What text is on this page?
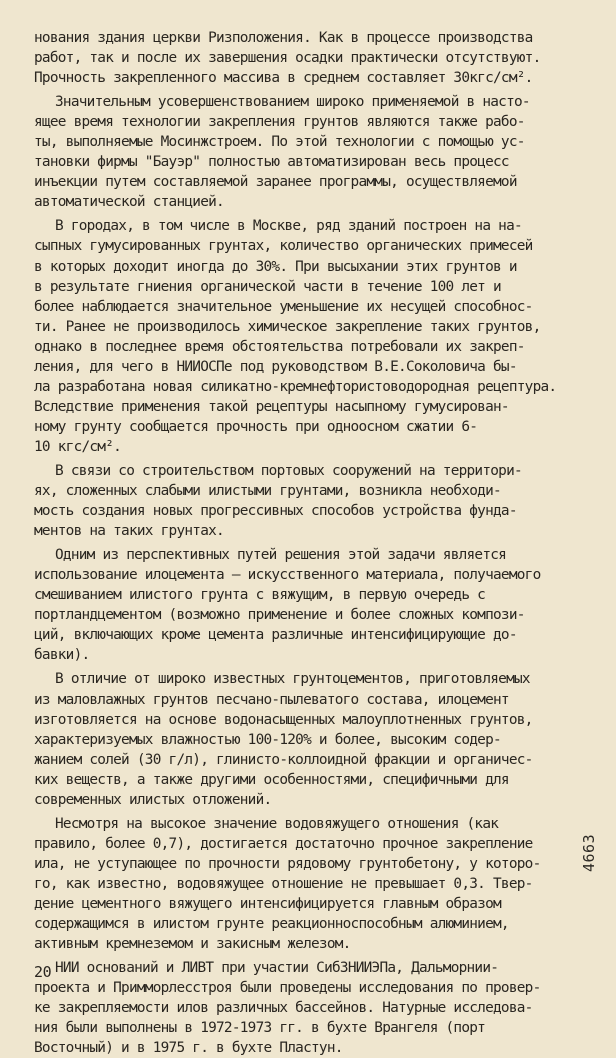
нования здания церкви Ризположения. Как в процессе производства
работ, так и после их завершения осадки практически отсутствуют.
Прочность закрепленного массива в среднем составляет 30кгс/см².
Значительным усовершенствованием широко применяемой в насто-
ящее время технологии закрепления грунтов являются также рабо-
ты, выполняемые Мосинжстроем. По этой технологии с помощью ус-
тановки фирмы "Бауэр" полностью автоматизирован весь процесс
инъекции путем составляемой заранее программы, осуществляемой
автоматической станцией.
В городах, в том числе в Москве, ряд зданий построен на на-
сыпных гумусированных грунтах, количество органических примесей
в которых доходит иногда до 30%. При высыхании этих грунтов и
в результате гниения органической части в течение 100 лет и
более наблюдается значительное уменьшение их несущей способнос-
ти. Ранее не производилось химическое закрепление таких грунтов,
однако в последнее время обстоятельства потребовали их закреп-
ления, для чего в НИИОСПе под руководством В.Е.Соколовича бы-
ла разработана новая силикатно-кремнефтористоводородная рецептура.
Вследствие применения такой рецептуры насыпному гумусирован-
ному грунту сообщается прочность при одноосном сжатии 6-
10 кгс/см².
В связи со строительством портовых сооружений на территори-
ях, сложенных слабыми илистыми грунтами, возникла необходи-
мость создания новых прогрессивных способов устройства фунда-
ментов на таких грунтах.
Одним из перспективных путей решения этой задачи является
использование илоцемента – искусственного материала, получаемого
смешиванием илистого грунта с вяжущим, в первую очередь с
портландцементом (возможно применение и более сложных компози-
ций, включающих кроме цемента различные интенсифицирующие до-
бавки).
В отличие от широко известных грунтоцементов, приготовляемых
из маловлажных грунтов песчано-пылеватого состава, илоцемент
изготовляется на основе водонасыщенных малоуплотненных грунтов,
характеризуемых влажностью 100-120% и более, высоким содер-
жанием солей (30 г/л), глинисто-коллоидной фракции и органичес-
ких веществ, а также другими особенностями, специфичными для
современных илистых отложений.
Несмотря на высокое значение водовяжущего отношения (как
правило, более 0,7), достигается достаточно прочное закрепление
ила, не уступающее по прочности рядовому грунтобетону, у которо-
го, как известно, водовяжущее отношение не превышает 0,3. Твер-
дение цементного вяжущего интенсифицируется главным образом
содержащимся в илистом грунте реакционноспособным алюминием,
активным кремнеземом и закисным железом.
НИИ оснований и ЛИВТ при участии СибЗНИИЭПа, Дальморнии-
проекта и Примморлесстроя были проведены исследования по провер-
ке закрепляемости илов различных бассейнов. Натурные исследова-
ния были выполнены в 1972-1973 гг. в бухте Врангеля (порт
Восточный) и в 1975 г. в бухте Пластун.
20
4663
